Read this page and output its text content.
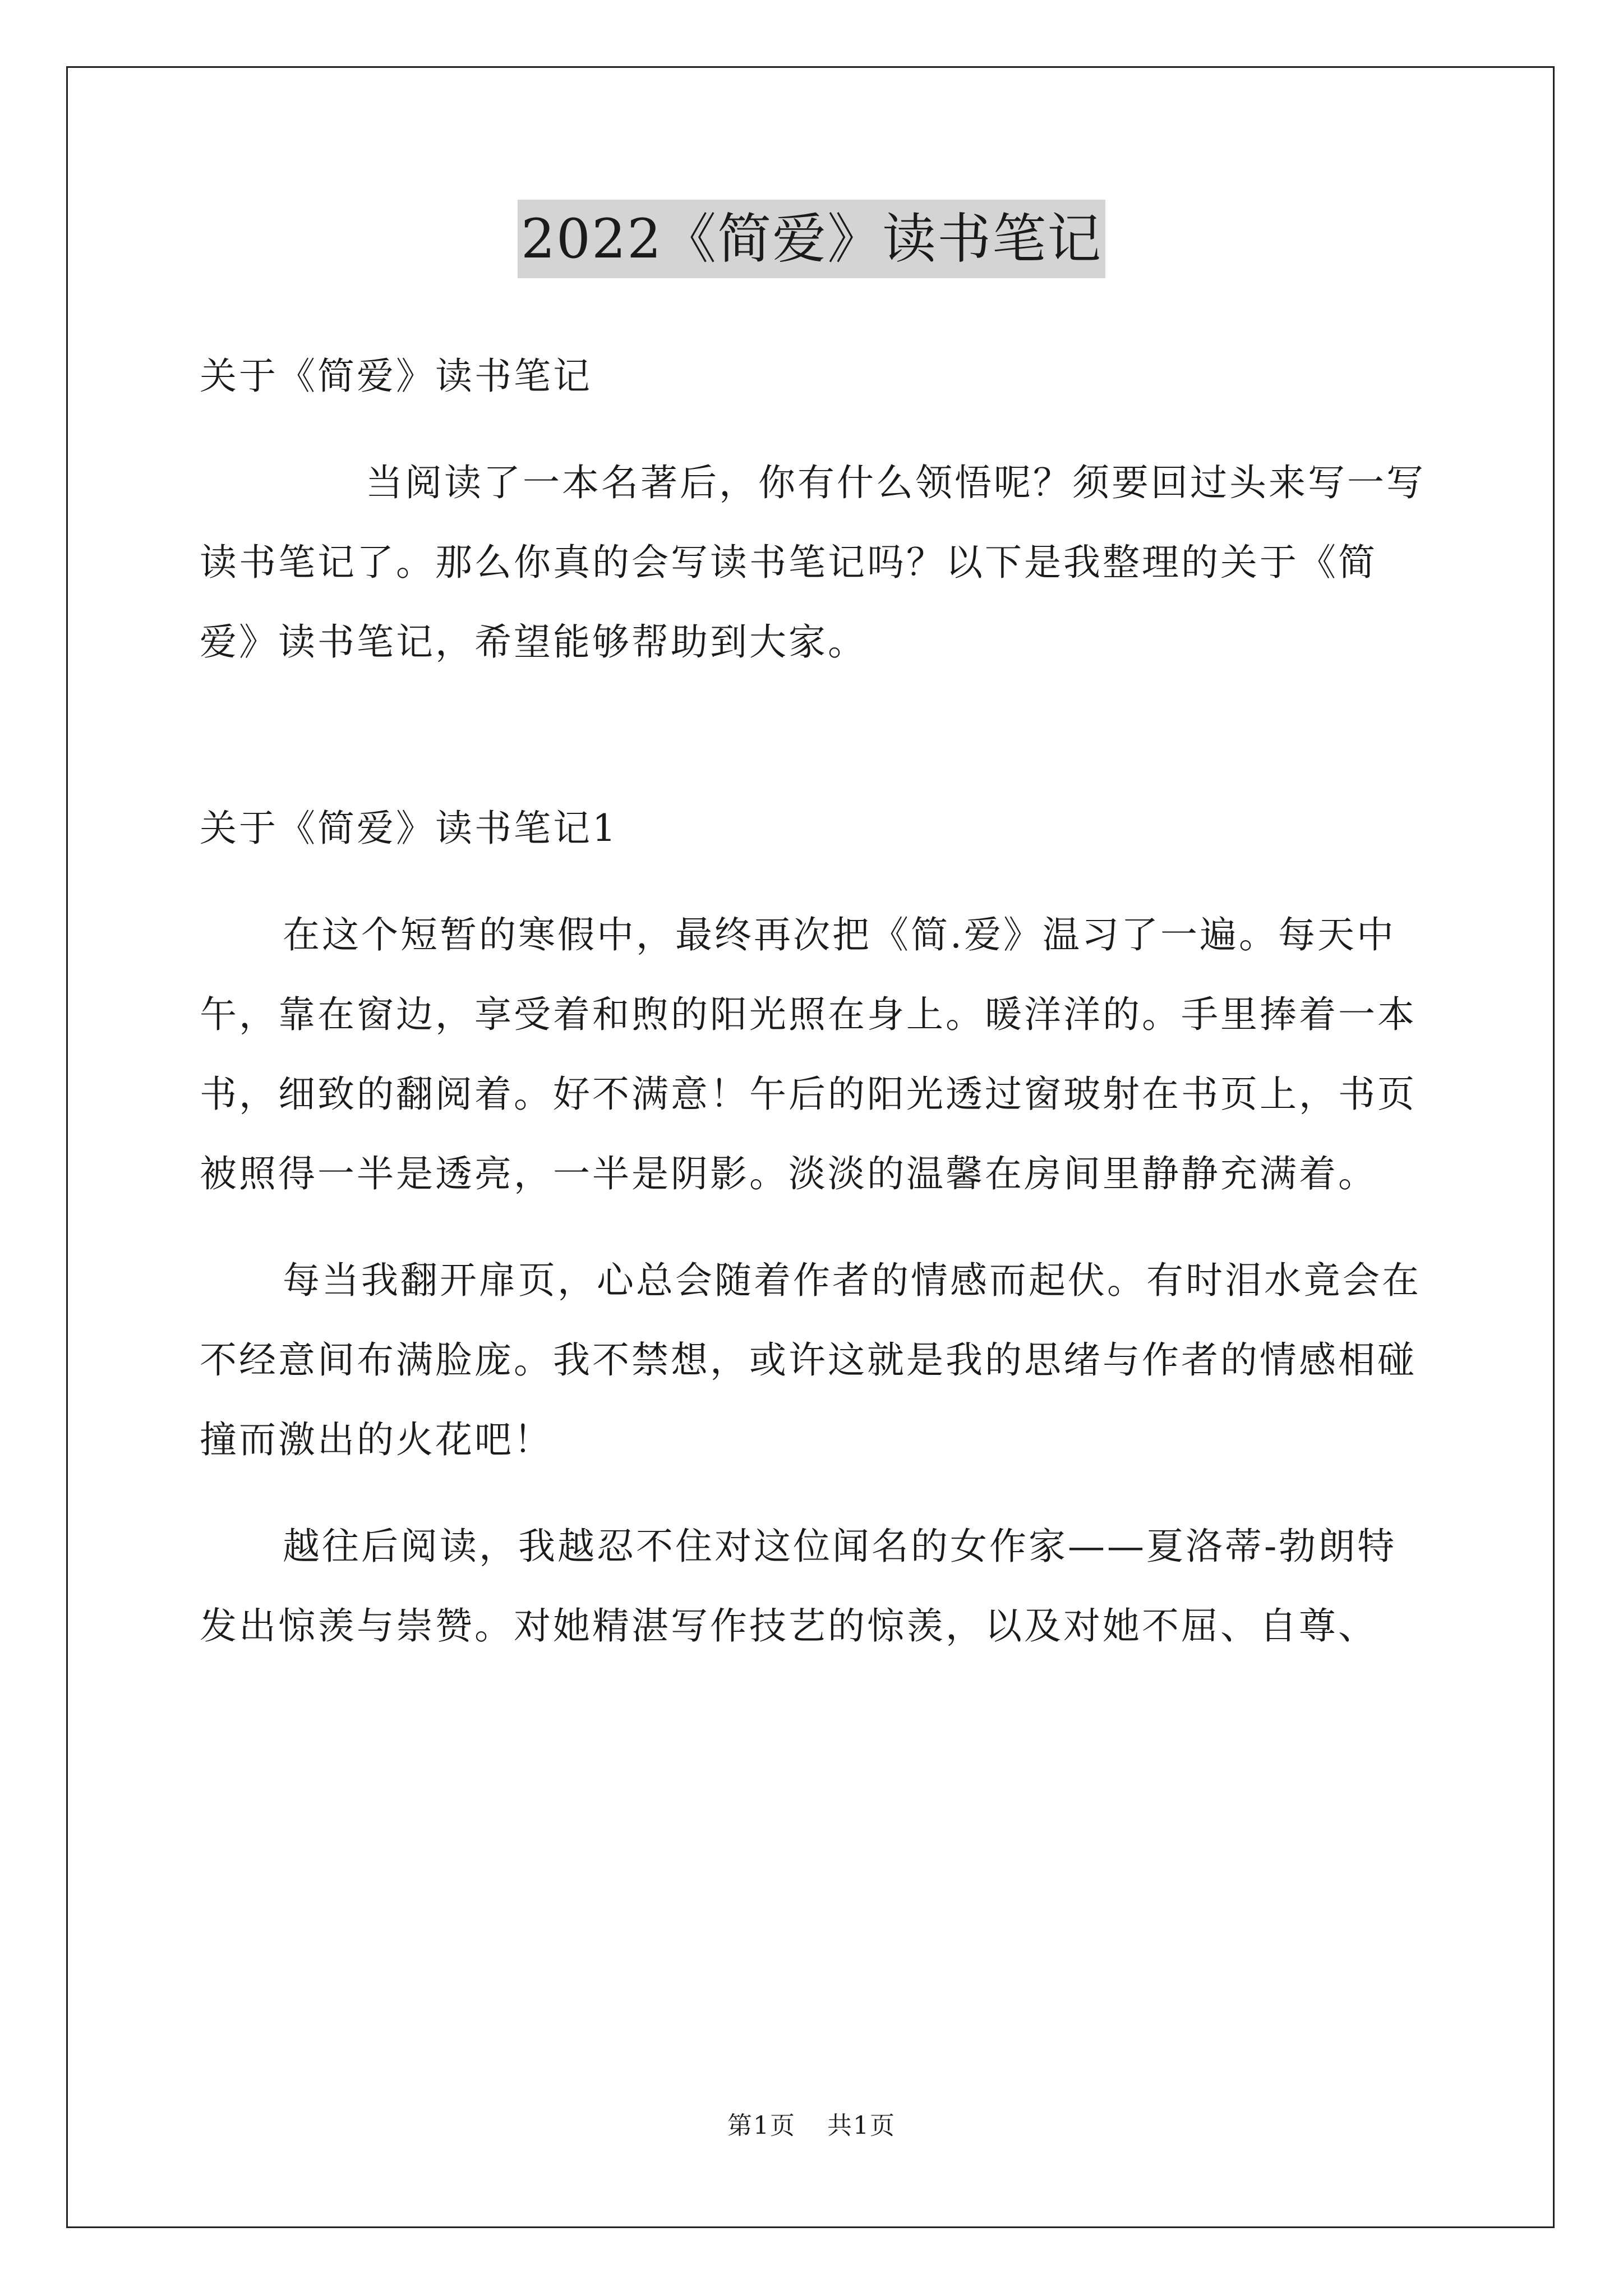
2022《简爱》读书笔记

关于《简爱》读书笔记

当阅读了一本名著后，你有什么领悟呢？须要回过头来写一写读书笔记了。那么你真的会写读书笔记吗？以下是我整理的关于《简爱》读书笔记，希望能够帮助到大家。

关于《简爱》读书笔记1

在这个短暂的寒假中，最终再次把《简.爱》温习了一遍。每天中午，靠在窗边，享受着和煦的阳光照在身上。暖洋洋的。手里捧着一本书，细致的翻阅着。好不满意！午后的阳光透过窗玻射在书页上，书页被照得一半是透亮，一半是阴影。淡淡的温馨在房间里静静充满着。

每当我翻开扉页，心总会随着作者的情感而起伏。有时泪水竟会在不经意间布满脸庞。我不禁想，或许这就是我的思绪与作者的情感相碰撞而激出的火花吧！

越往后阅读，我越忍不住对这位闻名的女作家——夏洛蒂-勃朗特发出惊羡与崇赞。对她精湛写作技艺的惊羡，以及对她不屈、自尊、

第1页 共1页
